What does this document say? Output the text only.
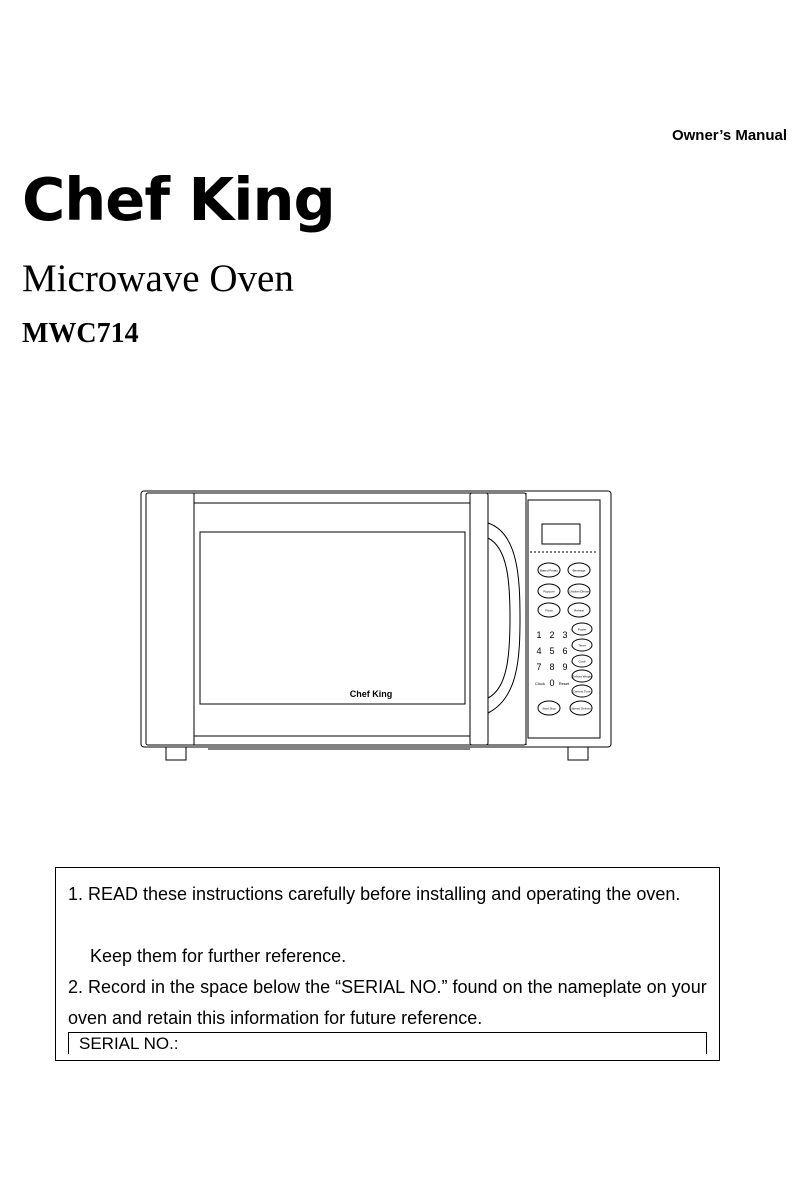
Owner’s Manual

Chef King
Microwave Oven
MWC714
Chef King
Baked Potato	Beverage
Popcorn	Chicken Dinner
Pizza	Reheat
Power
Timer
Cook
Defrost Weight
Defrost Time
Start Stop	Speed Defrost
1 2 3
4 5 6
7 8 9
0
Clock	Reset

1. READ these instructions carefully before installing and operating the oven.

Keep them for further reference.

2. Record in the space below the “SERIAL NO.” found on the nameplate on your oven and retain this information for future reference.

SERIAL NO.:
